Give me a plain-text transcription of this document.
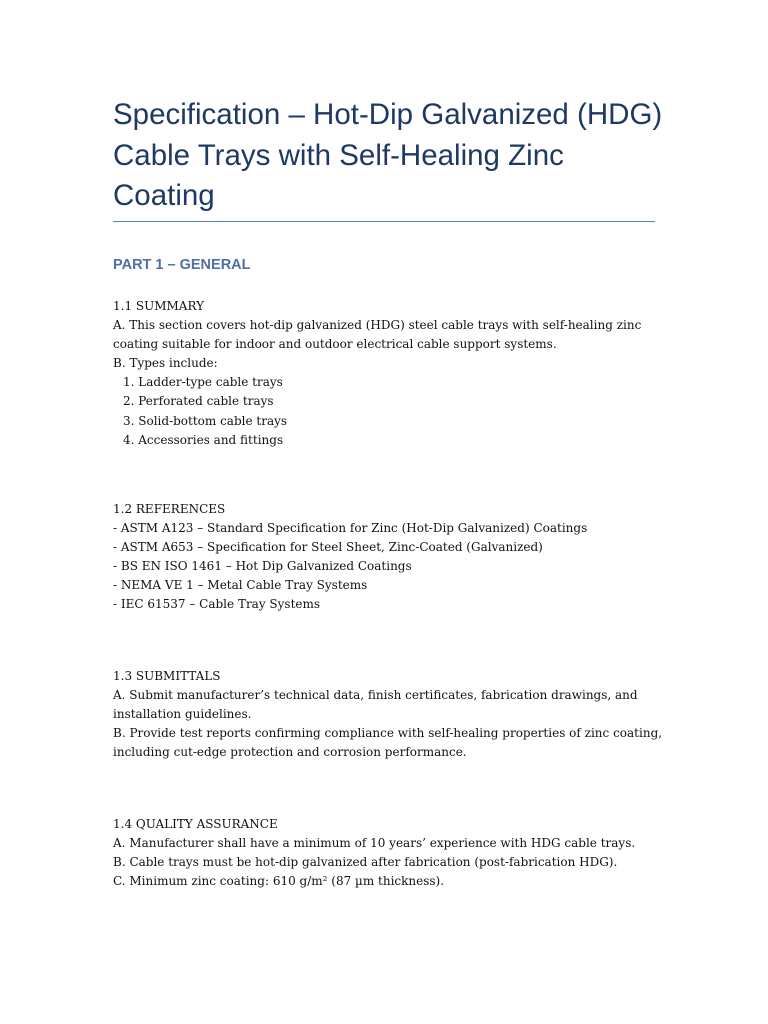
Specification – Hot-Dip Galvanized (HDG) Cable Trays with Self-Healing Zinc Coating
PART 1 – GENERAL

1.1 SUMMARY

A. This section covers hot-dip galvanized (HDG) steel cable trays with self-healing zinc

coating suitable for indoor and outdoor electrical cable support systems.

B. Types include:

1. Ladder-type cable trays

2. Perforated cable trays

3. Solid-bottom cable trays

4. Accessories and fittings

1.2 REFERENCES

- ASTM A123 – Standard Specification for Zinc (Hot-Dip Galvanized) Coatings

- ASTM A653 – Specification for Steel Sheet, Zinc-Coated (Galvanized)

- BS EN ISO 1461 – Hot Dip Galvanized Coatings

- NEMA VE 1 – Metal Cable Tray Systems

- IEC 61537 – Cable Tray Systems

1.3 SUBMITTALS

A. Submit manufacturer’s technical data, finish certificates, fabrication drawings, and

installation guidelines.

B. Provide test reports confirming compliance with self-healing properties of zinc coating,

including cut-edge protection and corrosion performance.

1.4 QUALITY ASSURANCE

A. Manufacturer shall have a minimum of 10 years’ experience with HDG cable trays.

B. Cable trays must be hot-dip galvanized after fabrication (post-fabrication HDG).

C. Minimum zinc coating: 610 g/m² (87 µm thickness).
